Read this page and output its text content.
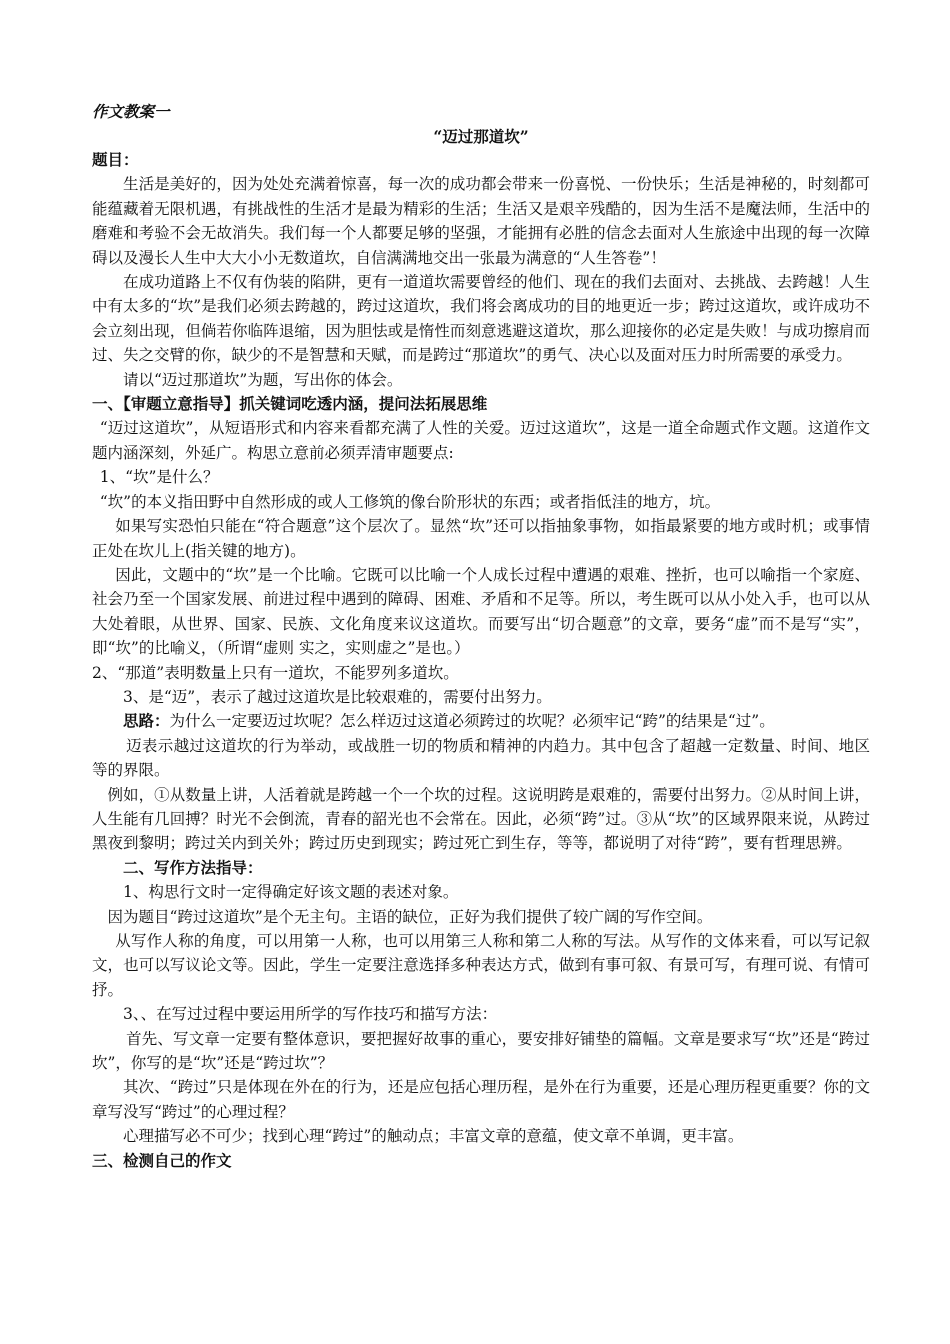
作文教案一

“迈过那道坎”

题目：

生活是美好的，因为处处充满着惊喜，每一次的成功都会带来一份喜悦、一份快乐；生活是神秘的，时刻都可能蕴藏着无限机遇，有挑战性的生活才是最为精彩的生活；生活又是艰辛残酷的，因为生活不是魔法师，生活中的磨难和考验不会无故消失。我们每一个人都要足够的坚强，才能拥有必胜的信念去面对人生旅途中出现的每一次障碍以及漫长人生中大大小小无数道坎，自信满满地交出一张最为满意的“人生答卷”！

在成功道路上不仅有伪装的陷阱，更有一道道坎需要曾经的他们、现在的我们去面对、去挑战、去跨越！人生中有太多的“坎”是我们必须去跨越的，跨过这道坎，我们将会离成功的目的地更近一步；跨过这道坎，或许成功不会立刻出现，但倘若你临阵退缩，因为胆怯或是惰性而刻意逃避这道坎，那么迎接你的必定是失败！与成功擦肩而过、失之交臂的你，缺少的不是智慧和天赋，而是跨过“那道坎”的勇气、决心以及面对压力时所需要的承受力。

请以“迈过那道坎”为题，写出你的体会。

一、【审题立意指导】抓关键词吃透内涵，提问法拓展思维

“迈过这道坎”，从短语形式和内容来看都充满了人性的关爱。迈过这道坎”，这是一道全命题式作文题。这道作文题内涵深刻，外延广。构思立意前必须弄清审题要点:

1、“坎”是什么？

“坎”的本义指田野中自然形成的或人工修筑的像台阶形状的东西；或者指低洼的地方，坑。

如果写实恐怕只能在“符合题意”这个层次了。显然“坎”还可以指抽象事物，如指最紧要的地方或时机；或事情正处在坎儿上(指关键的地方)。

因此，文题中的“坎”是一个比喻。它既可以比喻一个人成长过程中遭遇的艰难、挫折，也可以喻指一个家庭、社会乃至一个国家发展、前进过程中遇到的障碍、困难、矛盾和不足等。所以，考生既可以从小处入手，也可以从大处着眼，从世界、国家、民族、文化角度来议这道坎。而要写出“切合题意”的文章，要务“虚”而不是写“实”，即“坎”的比喻义，（所谓“虚则 实之，实则虚之”是也。）

2、“那道”表明数量上只有一道坎，不能罗列多道坎。

3、是“迈”，表示了越过这道坎是比较艰难的，需要付出努力。

思路：为什么一定要迈过坎呢？怎么样迈过这道必须跨过的坎呢？必须牢记“跨”的结果是“过”。

迈表示越过这道坎的行为举动，或战胜一切的物质和精神的内趋力。其中包含了超越一定数量、时间、地区等的界限。

例如，①从数量上讲，人活着就是跨越一个一个坎的过程。这说明跨是艰难的，需要付出努力。②从时间上讲，人生能有几回搏？时光不会倒流，青春的韶光也不会常在。因此，必须“跨”过。③从“坎”的区域界限来说，从跨过黑夜到黎明；跨过关内到关外；跨过历史到现实；跨过死亡到生存，等等，都说明了对待“跨”，要有哲理思辨。

二、写作方法指导：

1、构思行文时一定得确定好该文题的表述对象。

因为题目“跨过这道坎”是个无主句。主语的缺位，正好为我们提供了较广阔的写作空间。

从写作人称的角度，可以用第一人称，也可以用第三人称和第二人称的写法。从写作的文体来看，可以写记叙文，也可以写议论文等。因此，学生一定要注意选择多种表达方式，做到有事可叙、有景可写，有理可说、有情可抒。

3、、在写过过程中要运用所学的写作技巧和描写方法：

首先、写文章一定要有整体意识，要把握好故事的重心，要安排好铺垫的篇幅。文章是要求写“坎”还是“跨过坎”，你写的是“坎”还是“跨过坎”？

其次、“跨过”只是体现在外在的行为，还是应包括心理历程，是外在行为重要，还是心理历程更重要？你的文章写没写“跨过”的心理过程？

心理描写必不可少；找到心理“跨过”的触动点；丰富文章的意蕴，使文章不单调，更丰富。

三、检测自己的作文
